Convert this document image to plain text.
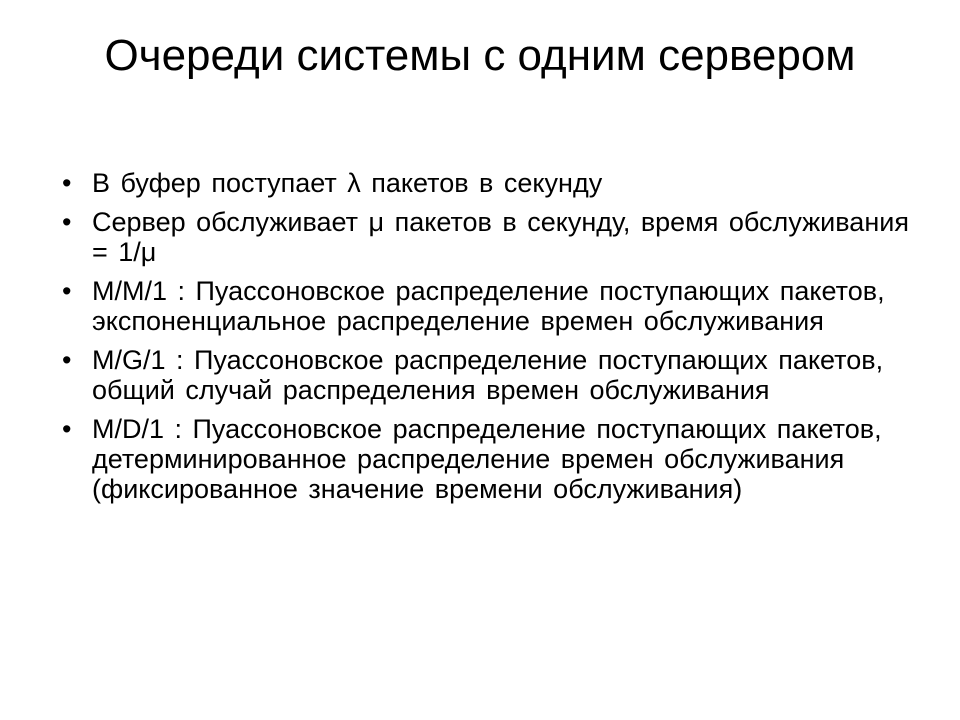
Очереди системы с одним сервером
• В буфер поступает λ пакетов в секунду
• Сервер обслуживает μ пакетов в секунду, время обслуживания = 1/μ
• M/M/1 : Пуассоновское распределение поступающих пакетов, экспоненциальное распределение времен обслуживания
• M/G/1 : Пуассоновское распределение поступающих пакетов, общий случай распределения времен обслуживания
• M/D/1 : Пуассоновское распределение поступающих пакетов, детерминированное распределение времен обслуживания (фиксированное значение времени обслуживания)
